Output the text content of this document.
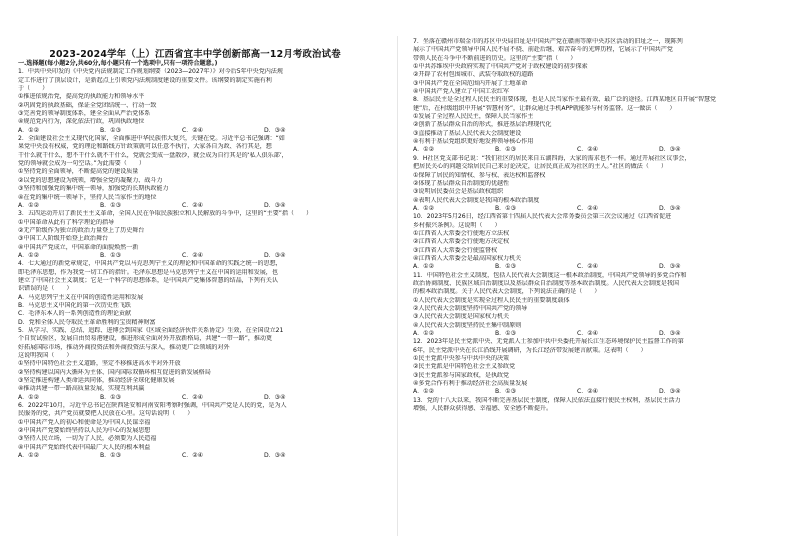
2023-2024学年（上）江西省宜丰中学创新部高一12月考政治试卷
一.选择题(每小题2分,共60分,每小题只有一个选项中,只有一项符合题意。)
1．中共中央印发的《中央党内法规制定工作规划纲要（2023—2027年）》对今后5年中央党内法规
定工作进行了顶层设计，是新起点上引领党内法规制度建设的重要文件。该纲要的制定实施有利
于（　　）
①推进依规治党，提高党的执政能力和领导水平
②巩固党的执政基础，保证全党团结统一、行动一致
③完善党的领导制度体系，建全全面从严治党体系
④规范党内行为，深化依法行政，巩固执政地位
A．①②	B．①③	C．②④	D．③④
2．全面建设社会主义现代化国家，全面推进中华民族伟大复兴，关键在党。习近平总书记强调：“如
果党中央没有权威，党的理论和路线方针政策就可以任意不执行，大家各自为政、各行其是，想
干什么就干什么，想不干什么就不干什么，党就会变成一盘散沙，就会成为自行其是的‘私人俱乐部’，
党的领导就会成为一句空话。”为此需要（　　）
①坚持党的全面领导，不断提高党的建设质量
②以党的思想建设为统领，增强全党的凝聚力、战斗力
③坚持和加强党的集中统一领导，加强党的长期执政能力
④在党的集中统一领导下，坚持人民当家作主的地位
A．①②	B．①③	C．②④	D．③④
3．五四运动开启了新民主主义革命，全国人民在争取民族独立和人民解放的斗争中，这里的“主要”指（　　）
①中国革命从此有了科学理论的指导
②无产阶级作为独立的政治力量登上了历史舞台
③中国工人阶级开始登上政治舞台
④中国共产党成立，中国革命的面貌焕然一新
A．①②	B．①③	C．②④	D．③④
4．七大通过的新党章规定，中国共产党以马克思列宁主义的理论和中国革命的实践之统一的思想，
即毛泽东思想，作为我党一切工作的指针。毛泽东思想是马克思列宁主义在中国的运用和发展，也
建立了中国社会主义制度；它是一个科学的思想体系，是中国共产党集体智慧的结晶，下列有关认
识错误的是（　　）
A．马克思列宁主义在中国的创造性运用和发展
B．马克思主义中国化的第一次历史性飞跃
C．毛泽东本人的一系列创造性的理论贡献
D．党和全体人民夺取民主革命胜利的宝贵精神财富
5．从学习、实践、总结、追踪、进博会到国家《区域全面经济伙伴关系协定》生效，在全国设立21
个自贸试验区，发展自由贸易港建设，推进形成全面对外开放新格局，共建“一带一路”，推动更
好拓展国际市场，推动外商投资法和外商投资法与深入，推动更广泛领域的对外
这说明我国（　　）
①坚持中国特色社会主义道路，坚定不移推进高水平对外开放
②坚持构建以国内大循环为主体、国内国际双循环相互促进的新发展格局
③坚定推进构建人类命运共同体，推动经济全球化健康发展
④推动共建一带一路高质量发展，实现互利共赢
A．①②	B．①③	C．②④	D．③④
6．2022年10月，习近平总书记在陕西延安和河南安阳考察时强调，中国共产党是人民的党，是为人
民服务的党，共产党员就要把人民放在心里。这句话说明（　　）
①中国共产党人的初心和使命是为中国人民谋幸福
②中国共产党要始终坚持以人民为中心的发展思想
③坚持人民立场，一切为了人民，必须要为人民造福
④中国共产党始终代表中国最广大人民的根本利益
A．①②	B．①③	C．②④	D．③④
7．坐落在赣州市瑞金市的苏区中央局旧址是中国共产党在赣南等原中央苏区活动的旧址之一，现陈列
展示了中国共产党领导中国人民不屈不挠、前赴后继、艰苦奋斗的光辉历程，它展示了中国共产党
带领人民在斗争中不断前进的历史。这里的“主要”指（　　）
①中共苏维埃中央政府实现了中国共产党对于政权建设的初步探索
②开辟了农村包围城市、武装夺取政权的道路
③中国共产党在全国范围内开展了土地革命
④中国共产党人建立了中国工农红军
8．基层民主是全过程人民民主的重要体现，也是人民当家作主最有效、最广泛的途径。江西某地区自开展“智慧党
建”后，在村级组织中开展“智慧村务”，让群众通过手机APP就能参与村务监督。这一做法（　　）
①发展了全过程人民民主，保障人民当家作主
②创新了基层群众自治的形式，推进基层治理现代化
③直接推动了基层人民代表大会制度建设
④有利于基层党组织更好地发挥领导核心作用
A．①②	B．①③	C．②④	D．③④
9．H社区党支部书记说：“我们社区的居民来自五湖四海，大家的需求也不一样。通过开展社区议事会，
把居民关心的问题交给居民自己来讨论决定，让居民真正成为社区的主人。”社区的做法（　　）
①保障了居民的知情权、参与权、表达权和监督权
②体现了基层群众自治制度的优越性
③说明居民委员会是基层政权组织
④表明人民代表大会制度是我国的根本政治制度
A．①②	B．①③	C．②④	D．③④
10．2023年5月26日，经江西省第十四届人民代表大会常务委员会第三次会议通过《江西省促进
乡村振兴条例》。这说明（　　）
①江西省人大常委会行使地方立法权
②江西省人大常委会行使地方决定权
③江西省人大常委会行使监督权
④江西省人大常委会是最高国家权力机关
A．①②	B．①③	C．②④	D．③④
11．中国特色社会主义制度，包括人民代表大会制度这一根本政治制度，中国共产党领导的多党合作和
政治协商制度、民族区域自治制度以及基层群众自治制度等基本政治制度。人民代表大会制度是我国
的根本政治制度。关于人民代表大会制度，下列说法正确的是（　　）
①人民代表大会制度是实现全过程人民民主的重要制度载体
②人民代表大会制度坚持中国共产党的领导
③人民代表大会制度是国家权力机关
④人民代表大会制度坚持民主集中制原则
A．①②	B．①③	C．②④	D．③④
12．2023年是民主党派中央、无党派人士参加中共中央委托开展长江生态环境保护民主监督工作的第
6年，民主党派中央在长江沿线开展调研，为长江经济带发展建言献策。这表明（　　）
①民主党派中央参与中共中央的决策
②民主党派是中国特色社会主义参政党
③民主党派参与国家政权，是执政党
④多党合作有利于推动经济社会高质量发展
A．①②	B．①③	C．②④	D．③④
13．党的十八大以来，我国不断完善基层民主制度，保障人民依法直接行使民主权利，基层民主活力
增强，人民群众获得感、幸福感、安全感不断提升。
